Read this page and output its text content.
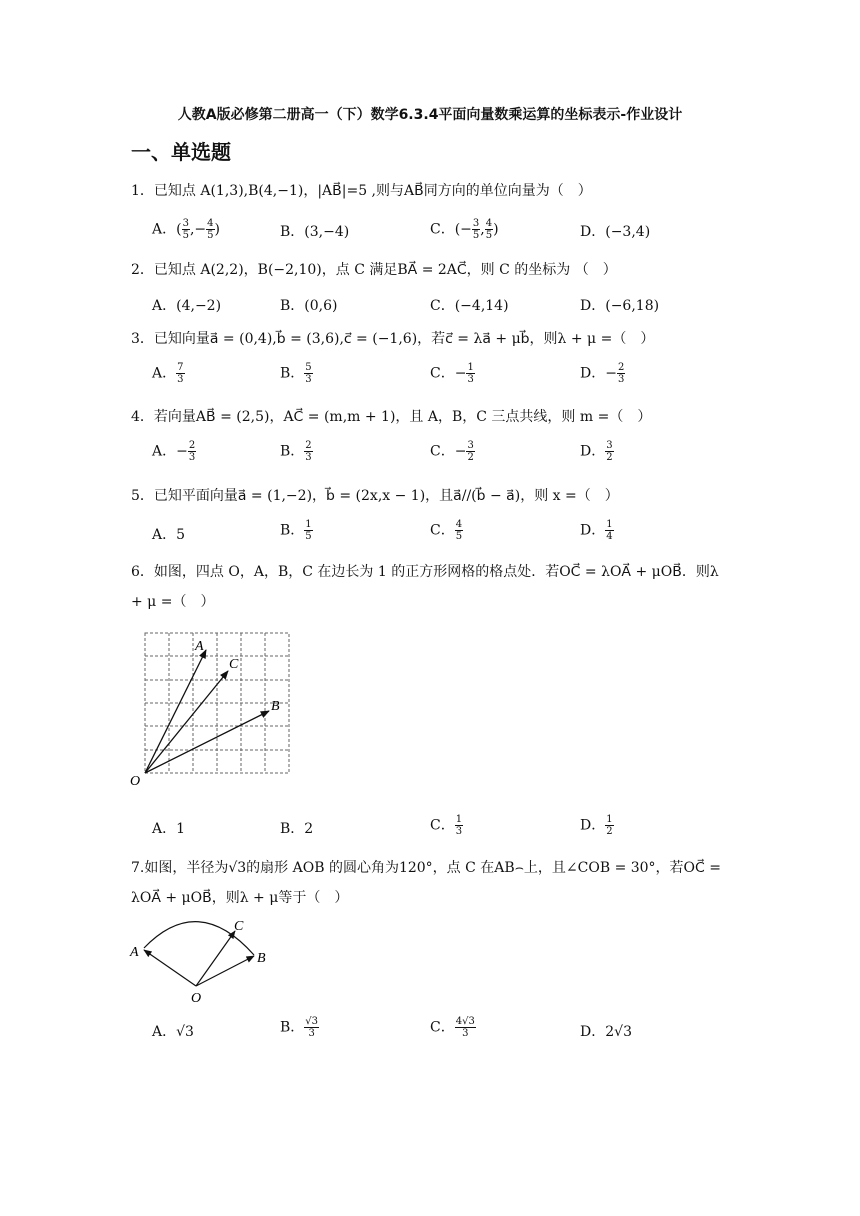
人教A版必修第二册高一（下）数学6.3.4平面向量数乘运算的坐标表示-作业设计
一、单选题
1．已知点 A(1,3),B(4,−1)，|AB⃗|=5 ,则与AB⃗同方向的单位向量为（　）
A．( $\frac{3}{5}$ ,− $\frac{4}{5}$ )	B．(3,−4)	C．(− $\frac{3}{5}$ , $\frac{4}{5}$ )	D．(−3,4)
2．已知点 A(2,2)，B(−2,10)，点 C 满足BA⃗ = 2AC⃗，则 C 的坐标为 （　）
A．(4,−2)	B．(0,6)	C．(−4,14)	D．(−6,18)
3．已知向量a⃗ = (0,4),b⃗ = (3,6),c⃗ = (−1,6)，若c⃗ = λa⃗ + μb⃗，则λ + μ =（　）
A． $\frac{7}{3}$	B． $\frac{5}{3}$	C．− $\frac{1}{3}$	D．− $\frac{2}{3}$
4．若向量AB⃗ = (2,5)，AC⃗ = (m,m + 1)，且 A，B，C 三点共线，则 m =（　）
A．− $\frac{2}{3}$	B． $\frac{2}{3}$	C．− $\frac{3}{2}$	D． $\frac{3}{2}$
5．已知平面向量a⃗ = (1,−2)，b⃗ = (2x,x − 1)，且a⃗//(b⃗ − a⃗)，则 x =（　）
A．5	B． $\frac{1}{5}$	C． $\frac{4}{5}$	D． $\frac{1}{4}$
6．如图，四点 O，A，B，C 在边长为 1 的正方形网格的格点处．若OC⃗ = λOA⃗ + μOB⃗．则λ + μ =（　）
A
C
B
O
A．1	B．2	C． $\frac{1}{3}$	D． $\frac{1}{2}$
7.如图，半径为√3的扇形 AOB 的圆心角为120°，点 C 在AB⌢上，且∠COB = 30°，若OC⃗ = λOA⃗ + μOB⃗，则λ + μ等于（　）
A
C
B
O
A．√3	B． $\frac{√3}{3}$	C． $\frac{4√3}{3}$	D．2√3
